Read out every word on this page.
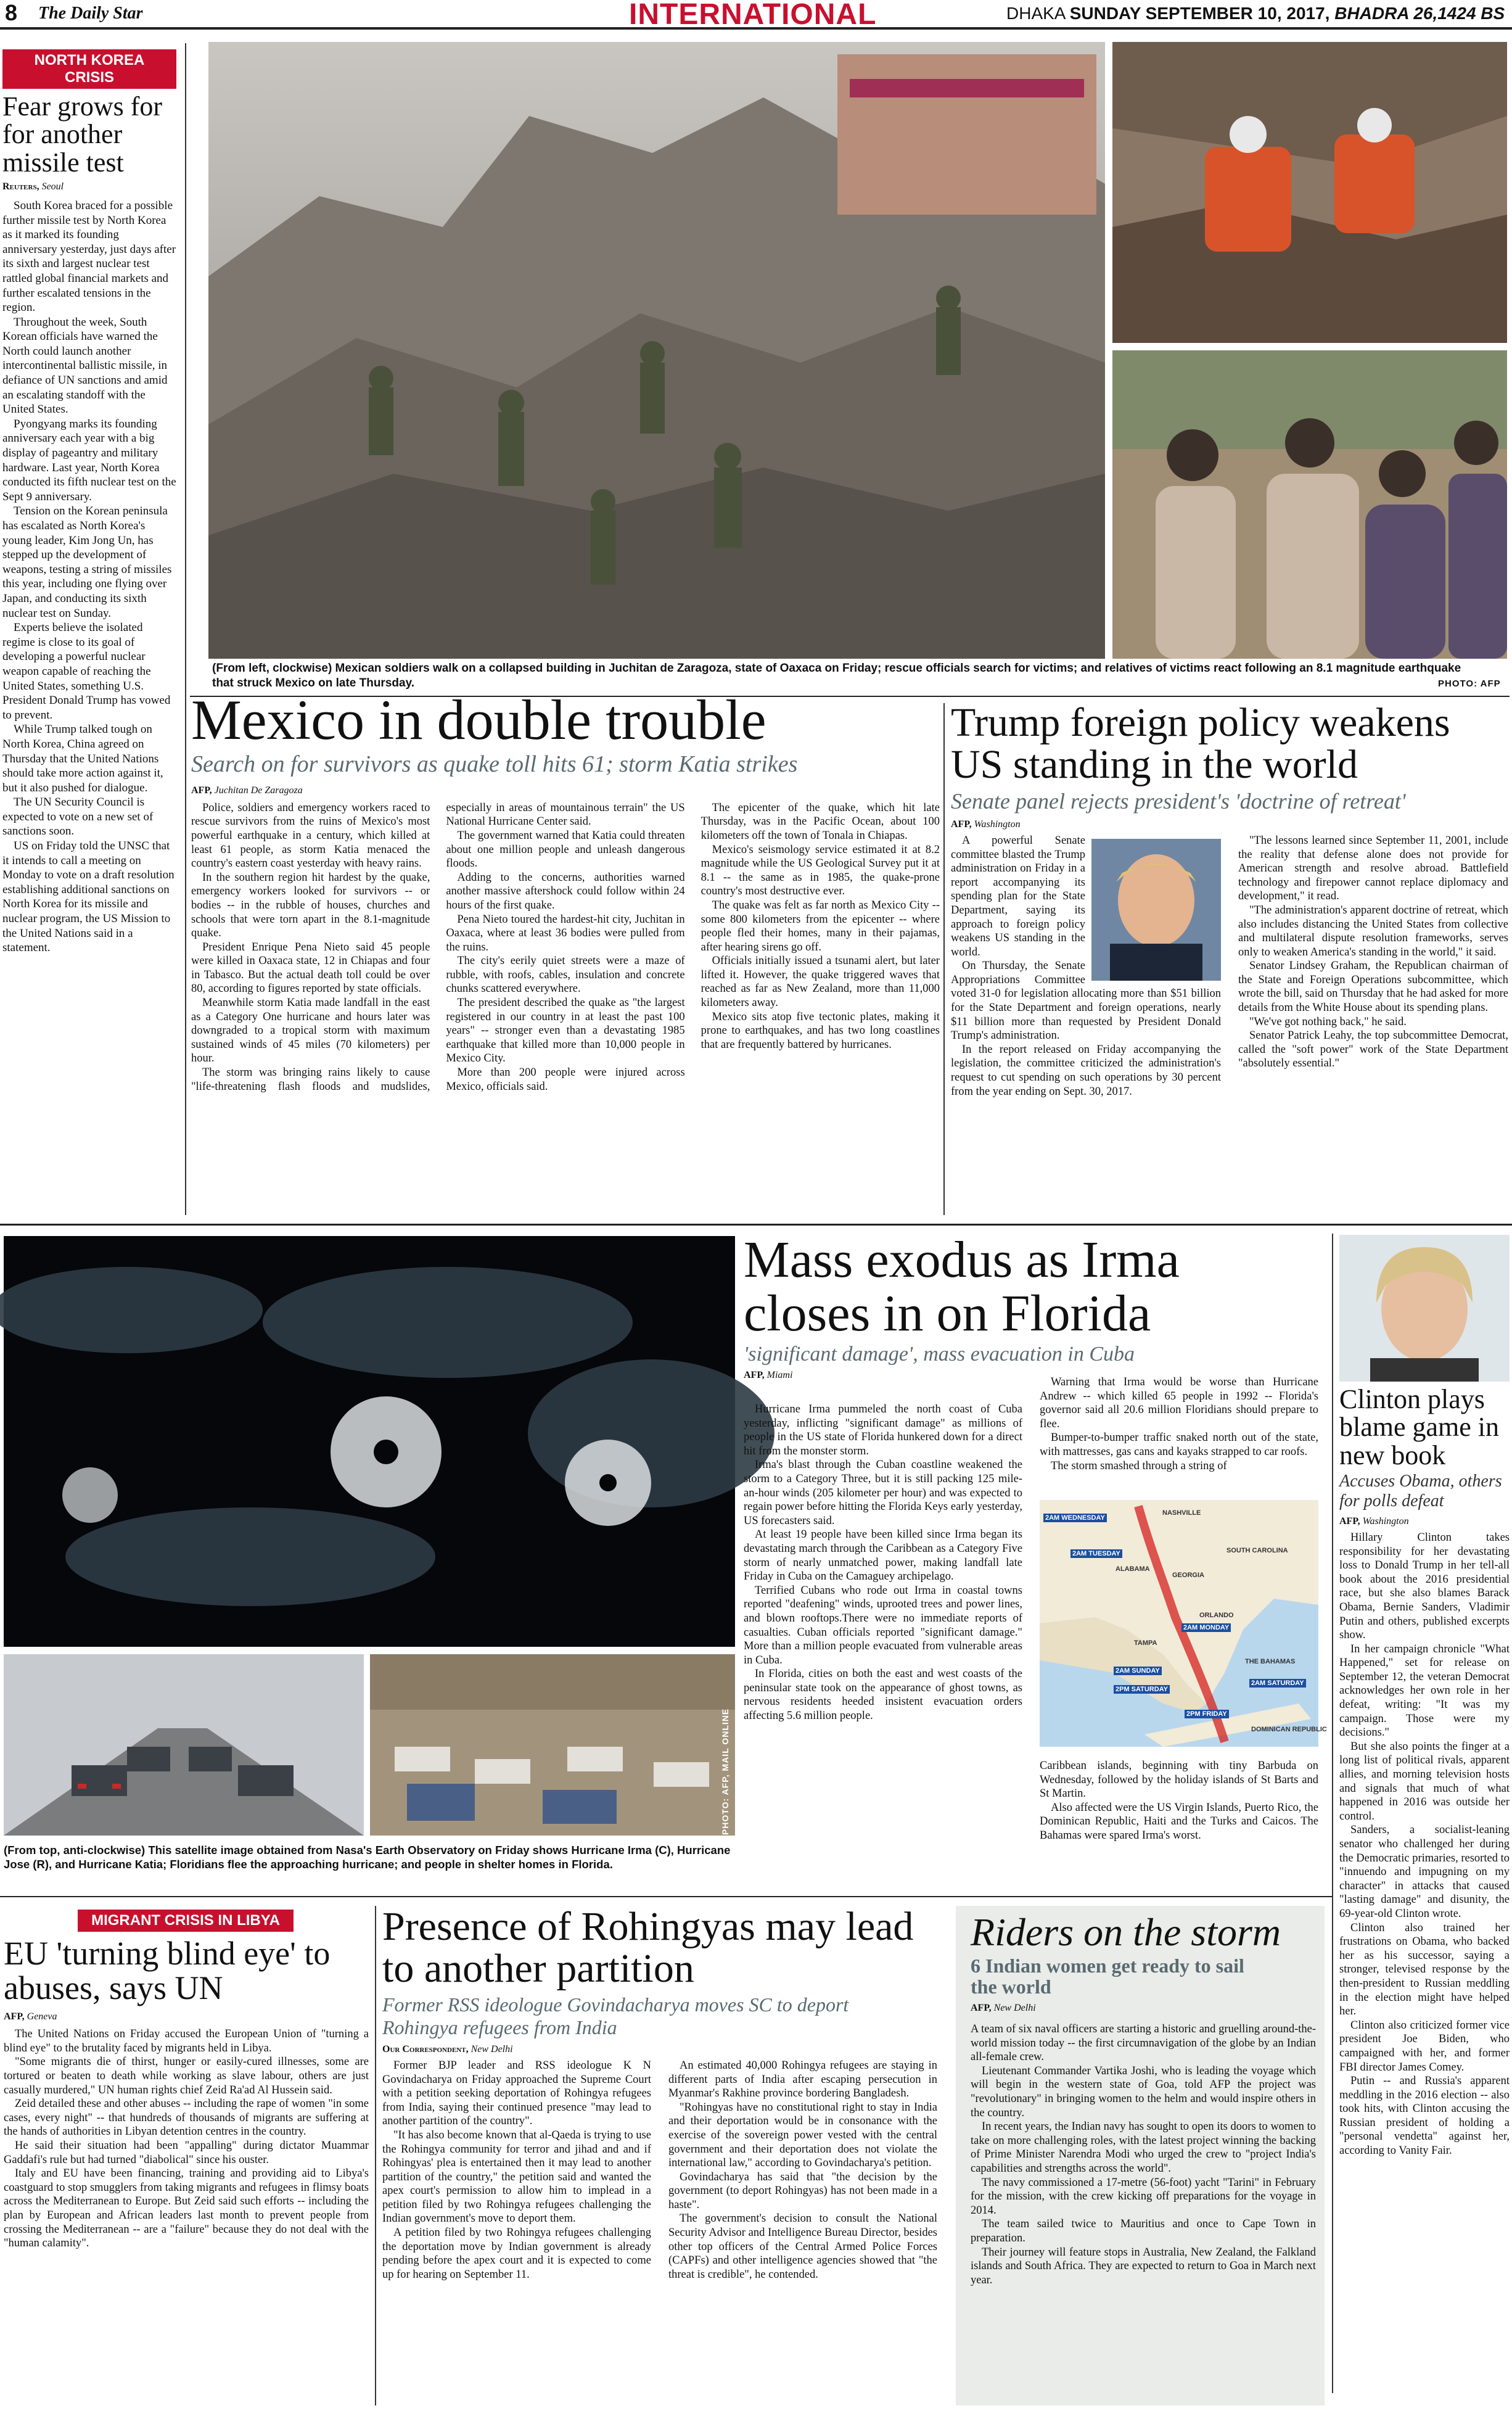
8 The Daily Star	INTERNATIONAL	DHAKA SUNDAY SEPTEMBER 10, 2017, BHADRA 26,1424 BS
NORTH KOREA CRISIS
Fear grows for for another missile test
Reuters, Seoul

South Korea braced for a possible further missile test by North Korea as it marked its founding anniversary yesterday, just days after its sixth and largest nuclear test rattled global financial markets and further escalated tensions in the region.

Throughout the week, South Korean officials have warned the North could launch another intercontinental ballistic missile, in defiance of UN sanctions and amid an escalating standoff with the United States.

Pyongyang marks its founding anniversary each year with a big display of pageantry and military hardware. Last year, North Korea conducted its fifth nuclear test on the Sept 9 anniversary.

Tension on the Korean peninsula has escalated as North Korea's young leader, Kim Jong Un, has stepped up the development of weapons, testing a string of missiles this year, including one flying over Japan, and conducting its sixth nuclear test on Sunday.

Experts believe the isolated regime is close to its goal of developing a powerful nuclear weapon capable of reaching the United States, something U.S. President Donald Trump has vowed to prevent.

While Trump talked tough on North Korea, China agreed on Thursday that the United Nations should take more action against it, but it also pushed for dialogue.

The UN Security Council is expected to vote on a new set of sanctions soon.

US on Friday told the UNSC that it intends to call a meeting on Monday to vote on a draft resolution establishing additional sanctions on North Korea for its missile and nuclear program, the US Mission to the United Nations said in a statement.

(From left, clockwise) Mexican soldiers walk on a collapsed building in Juchitan de Zaragoza, state of Oaxaca on Friday; rescue officials search for victims; and relatives of victims react following an 8.1 magnitude earthquake that struck Mexico on late Thursday.	PHOTO: AFP
Mexico in double trouble
Search on for survivors as quake toll hits 61; storm Katia strikes
AFP, Juchitan De Zaragoza

Police, soldiers and emergency workers raced to rescue survivors from the ruins of Mexico's most powerful earthquake in a century, which killed at least 61 people, as storm Katia menaced the country's eastern coast yesterday with heavy rains.

In the southern region hit hardest by the quake, emergency workers looked for survivors -- or bodies -- in the rubble of houses, churches and schools that were torn apart in the 8.1-magnitude quake.

President Enrique Pena Nieto said 45 people were killed in Oaxaca state, 12 in Chiapas and four in Tabasco. But the actual death toll could be over 80, according to figures reported by state officials.

Meanwhile storm Katia made landfall in the east as a Category One hurricane and hours later was downgraded to a tropical storm with maximum sustained winds of 45 miles (70 kilometers) per hour.

The storm was bringing rains likely to cause "life-threatening flash floods and mudslides, especially in areas of mountainous terrain" the US National Hurricane Center said.

The government warned that Katia could threaten about one million people and unleash dangerous floods.

Adding to the concerns, authorities warned another massive aftershock could follow within 24 hours of the first quake.

Pena Nieto toured the hardest-hit city, Juchitan in Oaxaca, where at least 36 bodies were pulled from the ruins.

The city's eerily quiet streets were a maze of rubble, with roofs, cables, insulation and concrete chunks scattered everywhere.

The president described the quake as "the largest registered in our country in at least the past 100 years" -- stronger even than a devastating 1985 earthquake that killed more than 10,000 people in Mexico City.

More than 200 people were injured across Mexico, officials said.

The epicenter of the quake, which hit late Thursday, was in the Pacific Ocean, about 100 kilometers off the town of Tonala in Chiapas.

Mexico's seismology service estimated it at 8.2 magnitude while the US Geological Survey put it at 8.1 -- the same as in 1985, the quake-prone country's most destructive ever.

The quake was felt as far north as Mexico City -- some 800 kilometers from the epicenter -- where people fled their homes, many in their pajamas, after hearing sirens go off.

Officials initially issued a tsunami alert, but later lifted it. However, the quake triggered waves that reached as far as New Zealand, more than 11,000 kilometers away.

Mexico sits atop five tectonic plates, making it prone to earthquakes, and has two long coastlines that are frequently battered by hurricanes.

Trump foreign policy weakens US standing in the world
Senate panel rejects president's 'doctrine of retreat'
AFP, Washington

A powerful Senate committee blasted the Trump administration on Friday in a report accompanying its spending plan for the State Department, saying its approach to foreign policy weakens US standing in the world.

On Thursday, the Senate Appropriations Committee voted 31-0 for legislation allocating more than $51 billion for the State Department and foreign operations, nearly $11 billion more than requested by President Donald Trump's administration.

In the report released on Friday accompanying the legislation, the committee criticized the administration's request to cut spending on such operations by 30 percent from the year ending on Sept. 30, 2017.

"The lessons learned since September 11, 2001, include the reality that defense alone does not provide for American strength and resolve abroad. Battlefield technology and firepower cannot replace diplomacy and development," it read.

"The administration's apparent doctrine of retreat, which also includes distancing the United States from collective and multilateral dispute resolution frameworks, serves only to weaken America's standing in the world," it said.

Senator Lindsey Graham, the Republican chairman of the State and Foreign Operations subcommittee, which wrote the bill, said on Thursday that he had asked for more details from the White House about its spending plans.

"We've got nothing back," he said.

Senator Patrick Leahy, the top subcommittee Democrat, called the "soft power" work of the State Department "absolutely essential."

PHOTO: AFP, MAIL ONLINE
(From top, anti-clockwise) This satellite image obtained from Nasa's Earth Observatory on Friday shows Hurricane Irma (C), Hurricane Jose (R), and Hurricane Katia; Floridians flee the approaching hurricane; and people in shelter homes in Florida.
Mass exodus as Irma closes in on Florida
'significant damage', mass evacuation in Cuba
AFP, Miami

Hurricane Irma pummeled the north coast of Cuba yesterday, inflicting "significant damage" as millions of people in the US state of Florida hunkered down for a direct hit from the monster storm.

Irma's blast through the Cuban coastline weakened the storm to a Category Three, but it is still packing 125 mile-an-hour winds (205 kilometer per hour) and was expected to regain power before hitting the Florida Keys early yesterday, US forecasters said.

At least 19 people have been killed since Irma began its devastating march through the Caribbean as a Category Five storm of nearly unmatched power, making landfall late Friday in Cuba on the Camaguey archipelago.

Terrified Cubans who rode out Irma in coastal towns reported "deafening" winds, uprooted trees and power lines, and blown rooftops.There were no immediate reports of casualties. Cuban officials reported "significant damage." More than a million people evacuated from vulnerable areas in Cuba.

In Florida, cities on both the east and west coasts of the peninsular state took on the appearance of ghost towns, as nervous residents heeded insistent evacuation orders affecting 5.6 million people.

Warning that Irma would be worse than Hurricane Andrew -- which killed 65 people in 1992 -- Florida's governor said all 20.6 million Floridians should prepare to flee.

Bumper-to-bumper traffic snaked north out of the state, with mattresses, gas cans and kayaks strapped to car roofs.

The storm smashed through a string of

2AM WEDNESDAY
NASHVILLE
2AM TUESDAY
ALABAMA
GEORGIA
SOUTH CAROLINA
2AM MONDAY
ORLANDO
TAMPA
2AM SUNDAY
2PM SATURDAY
THE BAHAMAS
2AM SATURDAY
2PM FRIDAY
DOMINICAN REPUBLIC

Caribbean islands, beginning with tiny Barbuda on Wednesday, followed by the holiday islands of St Barts and St Martin.

Also affected were the US Virgin Islands, Puerto Rico, the Dominican Republic, Haiti and the Turks and Caicos. The Bahamas were spared Irma's worst.

Clinton plays blame game in new book
Accuses Obama, others for polls defeat
AFP, Washington

Hillary Clinton takes responsibility for her devastating loss to Donald Trump in her tell-all book about the 2016 presidential race, but she also blames Barack Obama, Bernie Sanders, Vladimir Putin and others, published excerpts show.

In her campaign chronicle "What Happened," set for release on September 12, the veteran Democrat acknowledges her own role in her defeat, writing: "It was my campaign. Those were my decisions."

But she also points the finger at a long list of political rivals, apparent allies, and morning television hosts and signals that much of what happened in 2016 was outside her control.

Sanders, a socialist-leaning senator who challenged her during the Democratic primaries, resorted to "innuendo and impugning on my character" in attacks that caused "lasting damage" and disunity, the 69-year-old Clinton wrote.

Clinton also trained her frustrations on Obama, who backed her as his successor, saying a stronger, televised response by the then-president to Russian meddling in the election might have helped her.

Clinton also criticized former vice president Joe Biden, who campaigned with her, and former FBI director James Comey.

Putin -- and Russia's apparent meddling in the 2016 election -- also took hits, with Clinton accusing the Russian president of holding a "personal vendetta" against her, according to Vanity Fair.

MIGRANT CRISIS IN LIBYA
EU 'turning blind eye' to abuses, says UN
AFP, Geneva

The United Nations on Friday accused the European Union of "turning a blind eye" to the brutality faced by migrants held in Libya.

"Some migrants die of thirst, hunger or easily-cured illnesses, some are tortured or beaten to death while working as slave labour, others are just casually murdered," UN human rights chief Zeid Ra'ad Al Hussein said.

Zeid detailed these and other abuses -- including the rape of women "in some cases, every night" -- that hundreds of thousands of migrants are suffering at the hands of authorities in Libyan detention centres in the country.

He said their situation had been "appalling" during dictator Muammar Gaddafi's rule but had turned "diabolical" since his ouster.

Italy and EU have been financing, training and providing aid to Libya's coastguard to stop smugglers from taking migrants and refugees in flimsy boats across the Mediterranean to Europe. But Zeid said such efforts -- including the plan by European and African leaders last month to prevent people from crossing the Mediterranean -- are a "failure" because they do not deal with the "human calamity".

Presence of Rohingyas may lead to another partition
Former RSS ideologue Govindacharya moves SC to deport Rohingya refugees from India
Our Correspondent, New Delhi

Former BJP leader and RSS ideologue K N Govindacharya on Friday approached the Supreme Court with a petition seeking deportation of Rohingya refugees from India, saying their continued presence "may lead to another partition of the country".

"It has also become known that al-Qaeda is trying to use the Rohingya community for terror and jihad and and if Rohingyas' plea is entertained then it may lead to another partition of the country," the petition said and wanted the apex court's permission to allow him to implead in a petition filed by two Rohingya refugees challenging the Indian government's move to deport them.

A petition filed by two Rohingya refugees challenging the deportation move by Indian government is already pending before the apex court and it is expected to come up for hearing on September 11.

An estimated 40,000 Rohingya refugees are staying in different parts of India after escaping persecution in Myanmar's Rakhine province bordering Bangladesh.

"Rohingyas have no constitutional right to stay in India and their deportation would be in consonance with the exercise of the sovereign power vested with the central government and their deportation does not violate the international law," according to Govindacharya's petition.

Govindacharya has said that "the decision by the government (to deport Rohingyas) has not been made in a haste".

The government's decision to consult the National Security Advisor and Intelligence Bureau Director, besides other top officers of the Central Armed Police Forces (CAPFs) and other intelligence agencies showed that "the threat is credible", he contended.

Riders on the storm
6 Indian women get ready to sail the world
AFP, New Delhi

A team of six naval officers are starting a historic and gruelling around-the-world mission today -- the first circumnavigation of the globe by an Indian all-female crew.

Lieutenant Commander Vartika Joshi, who is leading the voyage which will begin in the western state of Goa, told AFP the project was "revolutionary" in bringing women to the helm and would inspire others in the country.

In recent years, the Indian navy has sought to open its doors to women to take on more challenging roles, with the latest project winning the backing of Prime Minister Narendra Modi who urged the crew to "project India's capabilities and strengths across the world".

The navy commissioned a 17-metre (56-foot) yacht "Tarini" in February for the mission, with the crew kicking off preparations for the voyage in 2014.

The team sailed twice to Mauritius and once to Cape Town in preparation.

Their journey will feature stops in Australia, New Zealand, the Falkland islands and South Africa. They are expected to return to Goa in March next year.
